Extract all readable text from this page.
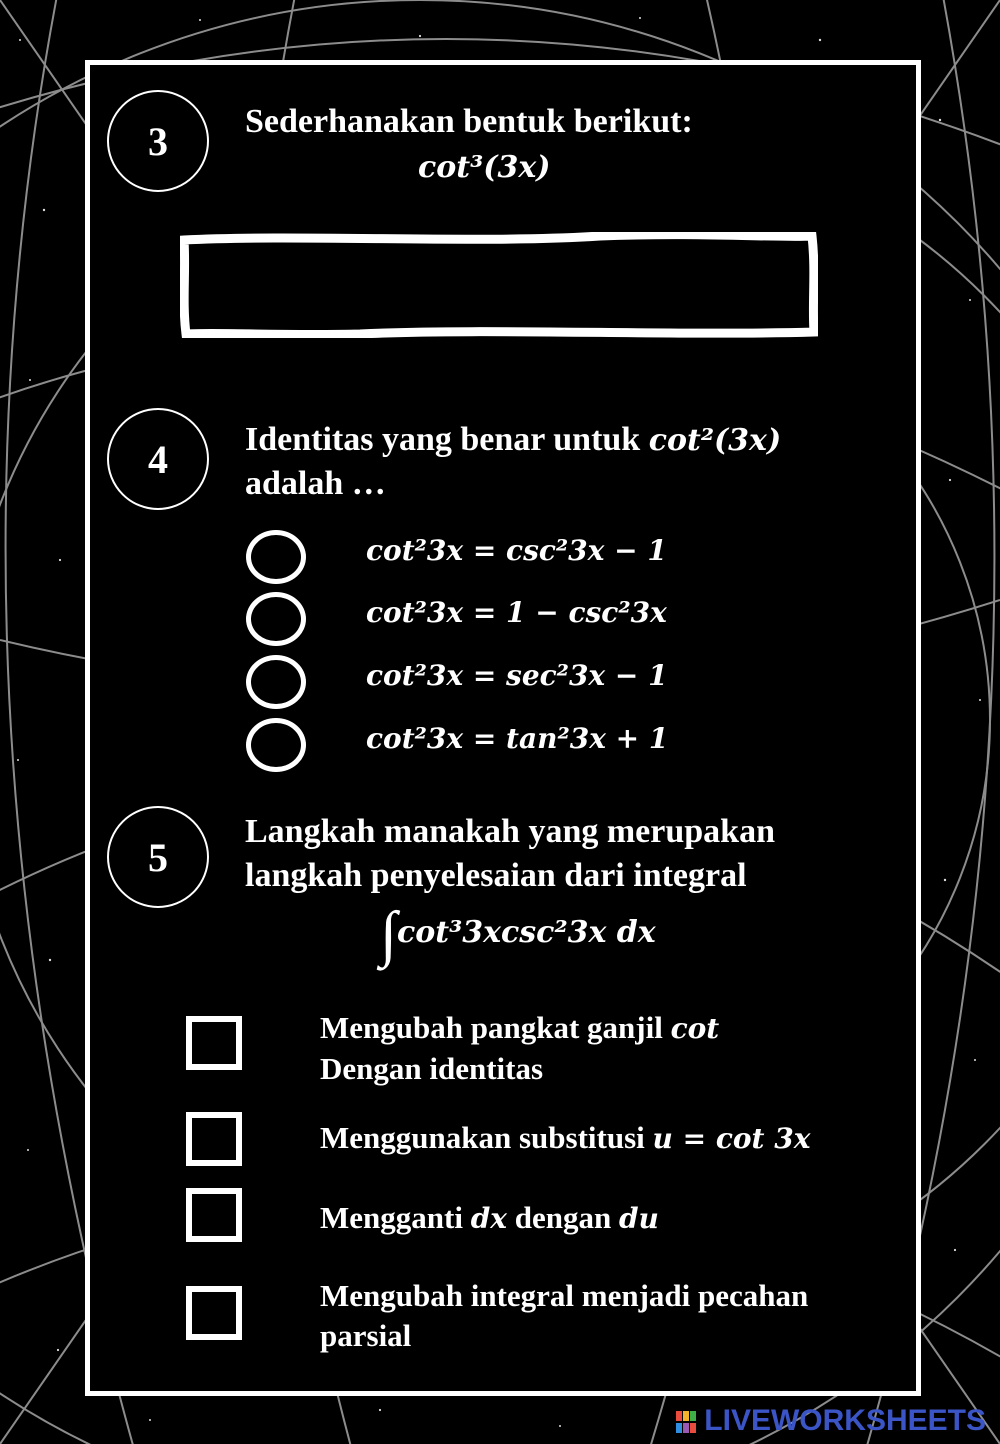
3 Sederhanakan bentuk berikut:
cot³(3x)
4 Identitas yang benar untuk cot²(3x)
adalah …
cot²3x = csc²3x − 1
cot²3x = 1 − csc²3x
cot²3x = sec²3x − 1
cot²3x = tan²3x + 1
5
Langkah manakah yang merupakan
langkah penyelesaian dari integral
∫cot³3xcsc²3x dx
Mengubah pangkat ganjil cot
Dengan identitas
Menggunakan substitusi u = cot 3x
Mengganti dx dengan du
Mengubah integral menjadi pecahan
parsial
LIVEWORKSHEETS
